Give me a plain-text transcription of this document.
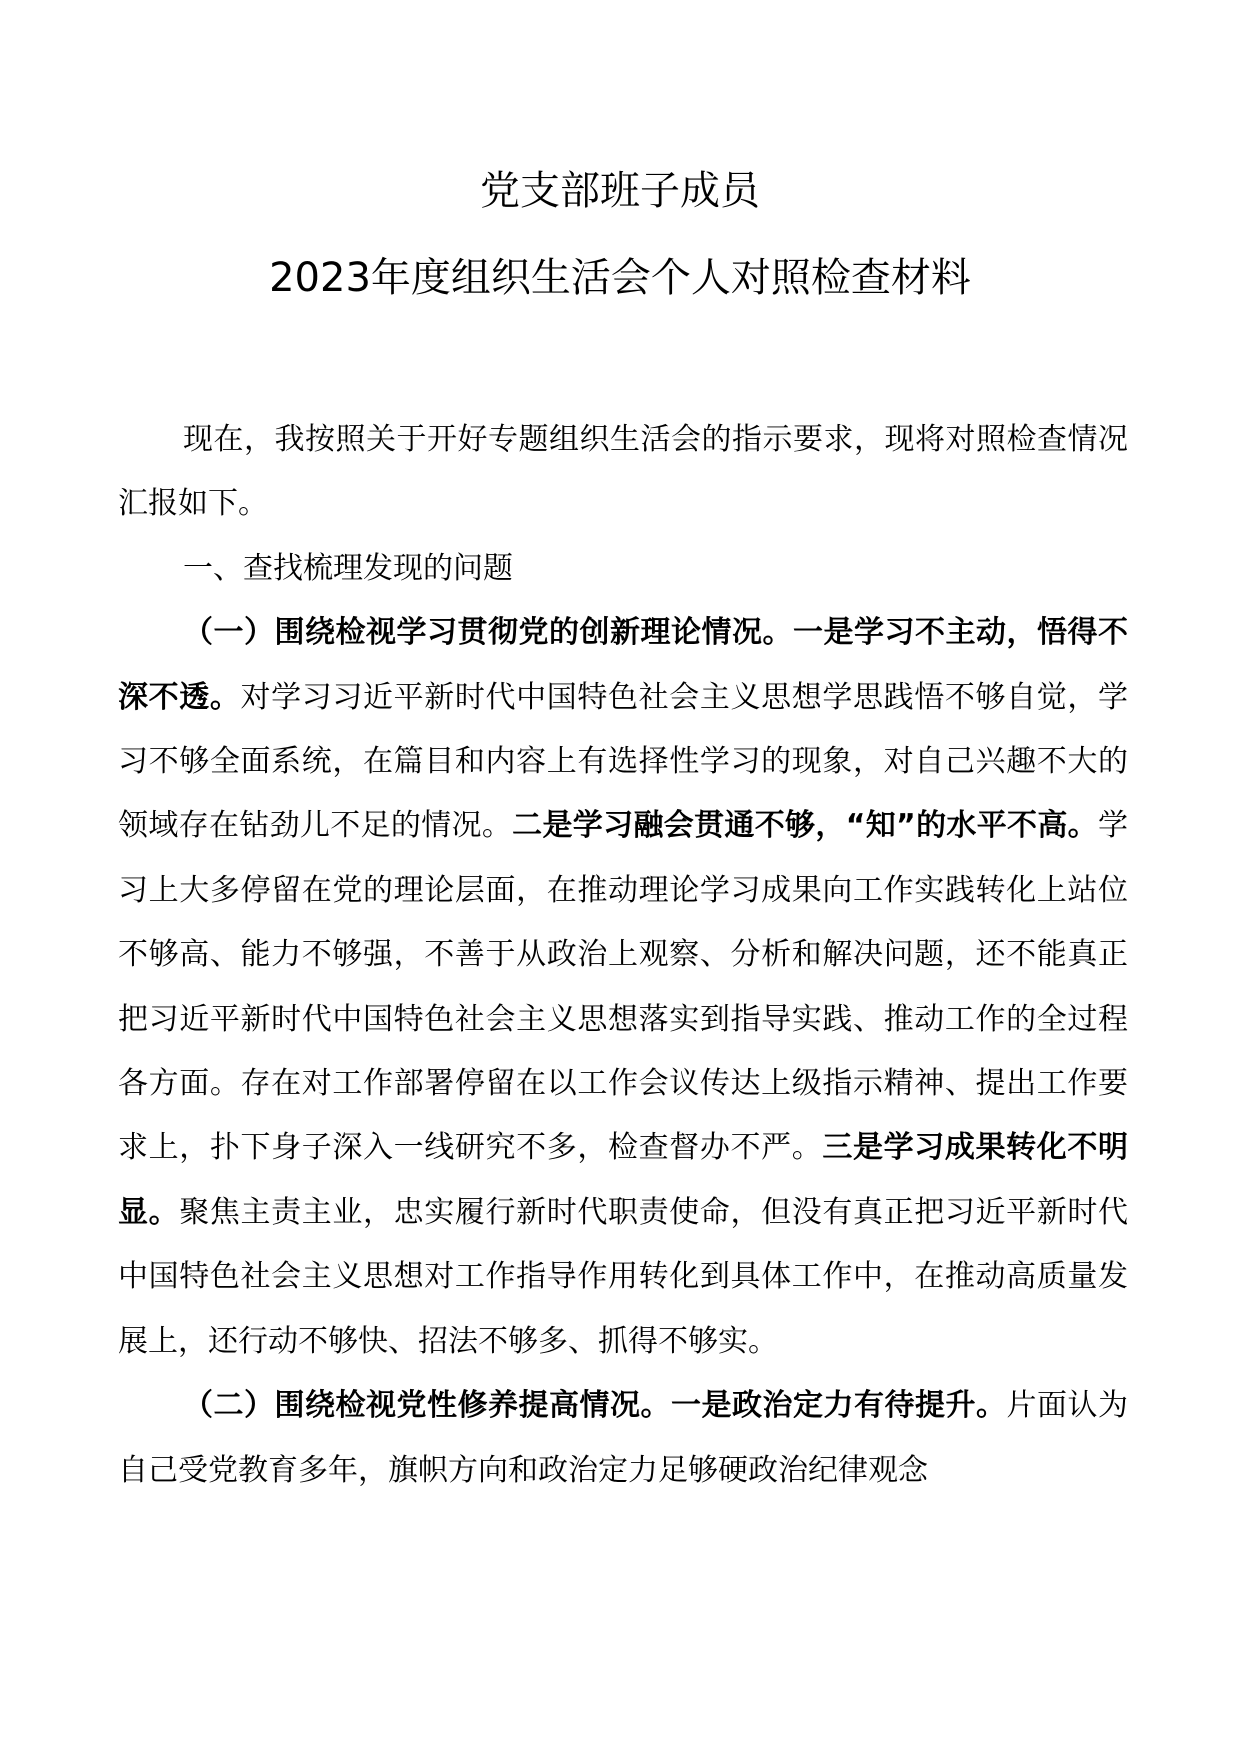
党支部班子成员
2023年度组织生活会个人对照检查材料

现在，我按照关于开好专题组织生活会的指示要求，现将对照检查情况汇报如下。

一、查找梳理发现的问题

（一）围绕检视学习贯彻党的创新理论情况。一是学习不主动，悟得不深不透。对学习习近平新时代中国特色社会主义思想学思践悟不够自觉，学习不够全面系统，在篇目和内容上有选择性学习的现象，对自己兴趣不大的领域存在钻劲儿不足的情况。二是学习融会贯通不够，“知”的水平不高。学习上大多停留在党的理论层面，在推动理论学习成果向工作实践转化上站位不够高、能力不够强，不善于从政治上观察、分析和解决问题，还不能真正把习近平新时代中国特色社会主义思想落实到指导实践、推动工作的全过程各方面。存在对工作部署停留在以工作会议传达上级指示精神、提出工作要求上，扑下身子深入一线研究不多，检查督办不严。三是学习成果转化不明显。聚焦主责主业，忠实履行新时代职责使命，但没有真正把习近平新时代中国特色社会主义思想对工作指导作用转化到具体工作中，在推动高质量发展上，还行动不够快、招法不够多、抓得不够实。

（二）围绕检视党性修养提高情况。一是政治定力有待提升。片面认为自己受党教育多年，旗帜方向和政治定力足够硬政治纪律观念
